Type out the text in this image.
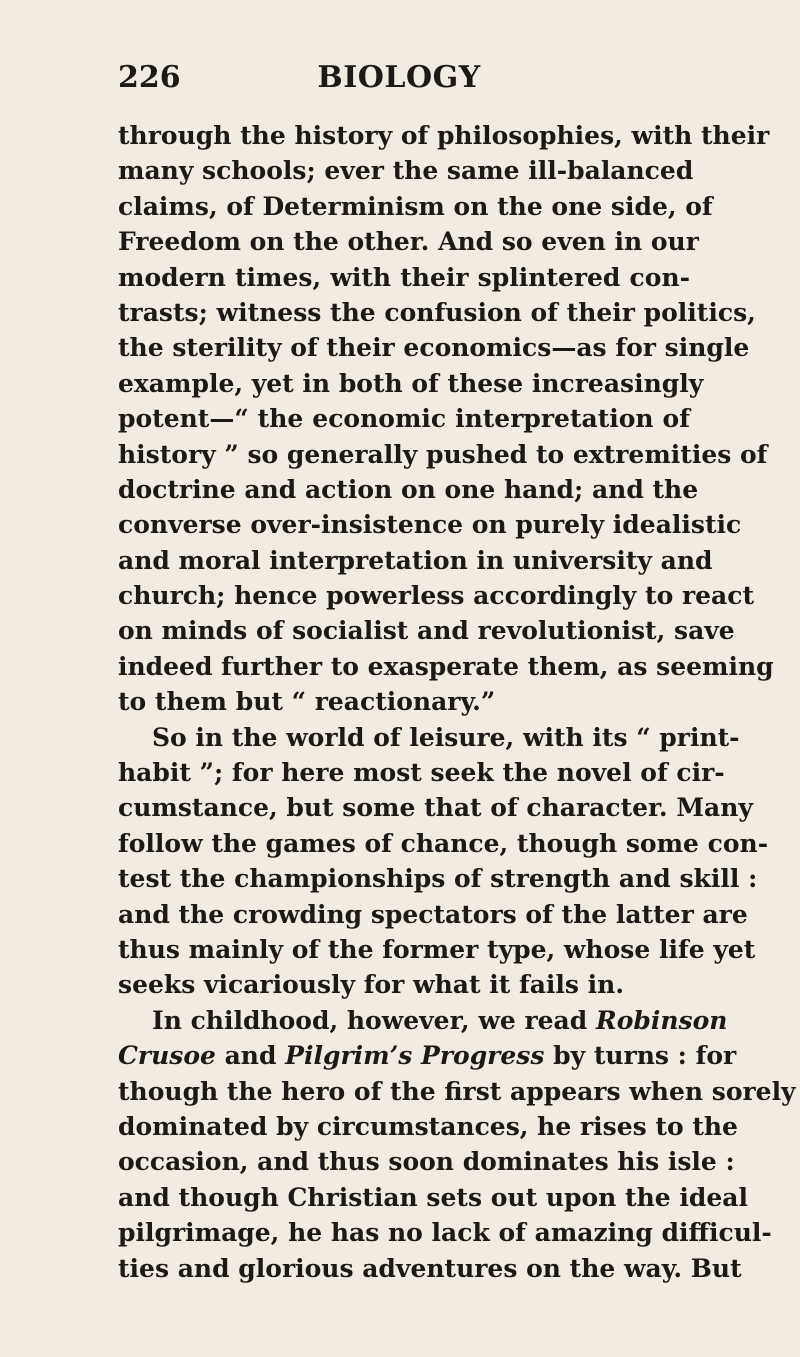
226	BIOLOGY
through the history of philosophies, with their
many schools; ever the same ill-balanced
claims, of Determinism on the one side, of
Freedom on the other. And so even in our
modern times, with their splintered con-
trasts; witness the confusion of their politics,
the sterility of their economics—as for single
example, yet in both of these increasingly
potent—“ the economic interpretation of
history ” so generally pushed to extremities of
doctrine and action on one hand; and the
converse over-insistence on purely idealistic
and moral interpretation in university and
church; hence powerless accordingly to react
on minds of socialist and revolutionist, save
indeed further to exasperate them, as seeming
to them but “ reactionary.”
So in the world of leisure, with its “ print-
habit ”; for here most seek the novel of cir-
cumstance, but some that of character. Many
follow the games of chance, though some con-
test the championships of strength and skill :
and the crowding spectators of the latter are
thus mainly of the former type, whose life yet
seeks vicariously for what it fails in.
In childhood, however, we read Robinson
Crusoe and Pilgrim’s Progress by turns : for
though the hero of the first appears when sorely
dominated by circumstances, he rises to the
occasion, and thus soon dominates his isle :
and though Christian sets out upon the ideal
pilgrimage, he has no lack of amazing difficul-
ties and glorious adventures on the way. But
